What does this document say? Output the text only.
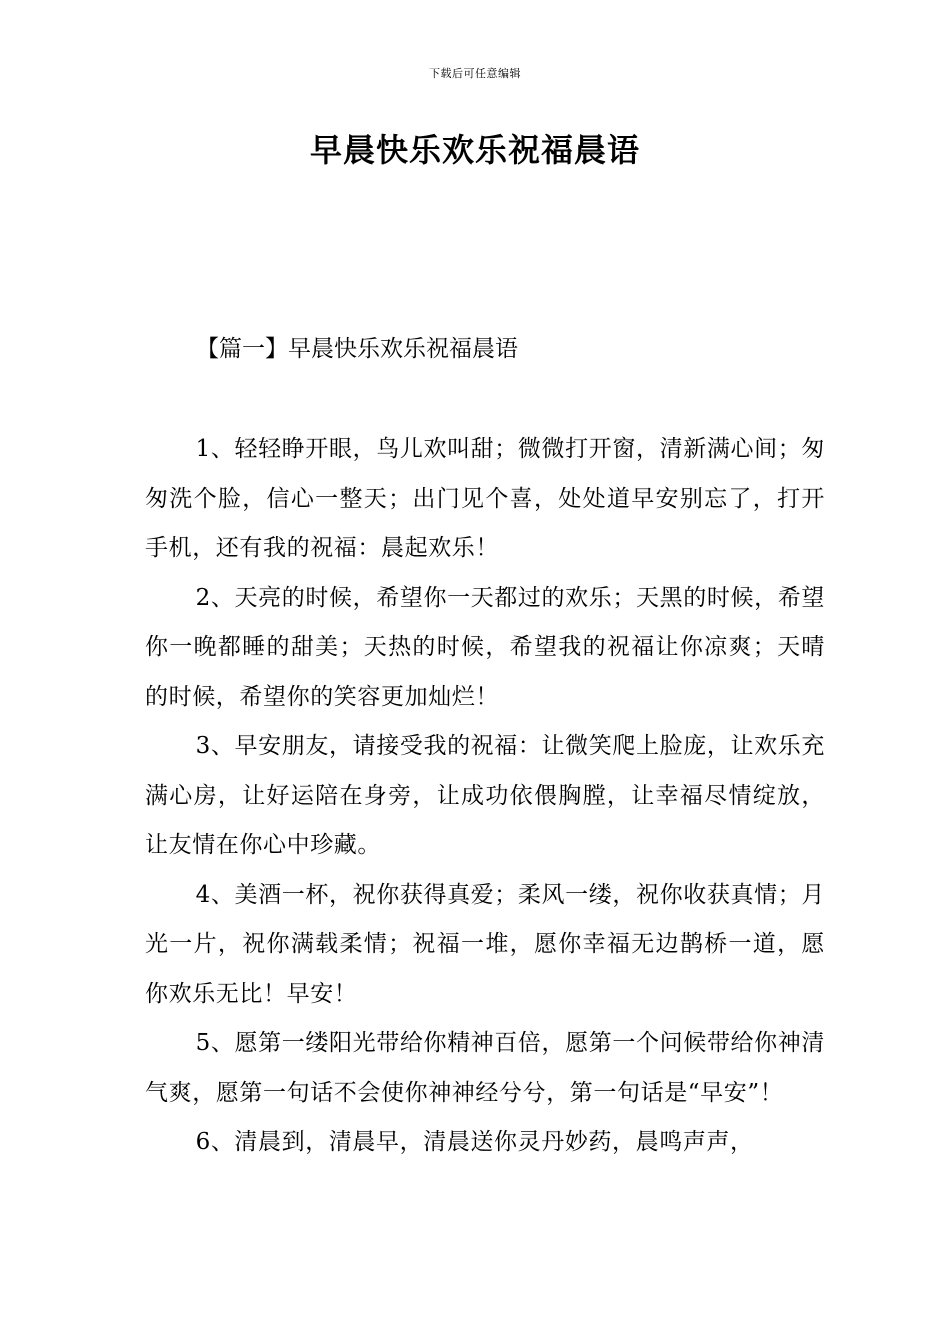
下载后可任意编辑
早晨快乐欢乐祝福晨语
【篇一】早晨快乐欢乐祝福晨语

1、轻轻睁开眼，鸟儿欢叫甜；微微打开窗，清新满心间；匆匆洗个脸，信心一整天；出门见个喜，处处道早安别忘了，打开手机，还有我的祝福：晨起欢乐！

2、天亮的时候，希望你一天都过的欢乐；天黑的时候，希望你一晚都睡的甜美；天热的时候，希望我的祝福让你凉爽；天晴的时候，希望你的笑容更加灿烂！

3、早安朋友，请接受我的祝福：让微笑爬上脸庞，让欢乐充满心房，让好运陪在身旁，让成功依偎胸膛，让幸福尽情绽放，让友情在你心中珍藏。

4、美酒一杯，祝你获得真爱；柔风一缕，祝你收获真情；月光一片，祝你满载柔情；祝福一堆，愿你幸福无边鹊桥一道，愿你欢乐无比！早安！

5、愿第一缕阳光带给你精神百倍，愿第一个问候带给你神清气爽，愿第一句话不会使你神神经兮兮，第一句话是“早安”！

6、清晨到，清晨早，清晨送你灵丹妙药，晨鸣声声，
